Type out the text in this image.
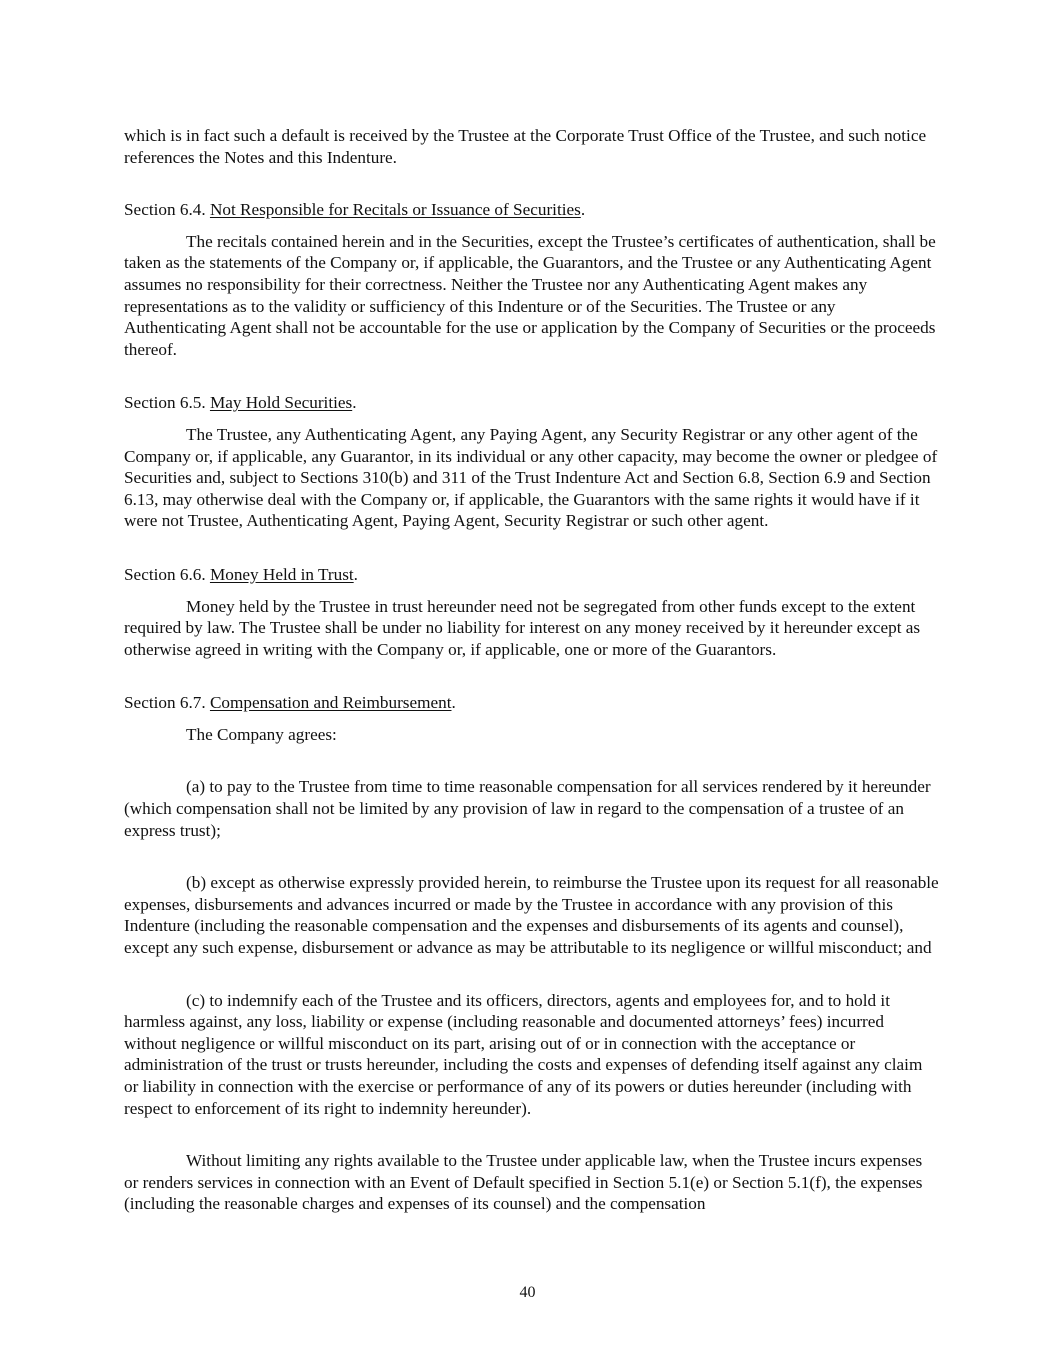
which is in fact such a default is received by the Trustee at the Corporate Trust Office of the Trustee, and such notice references the Notes and this Indenture.

Section 6.4. Not Responsible for Recitals or Issuance of Securities.

The recitals contained herein and in the Securities, except the Trustee’s certificates of authentication, shall be taken as the statements of the Company or, if applicable, the Guarantors, and the Trustee or any Authenticating Agent assumes no responsibility for their correctness. Neither the Trustee nor any Authenticating Agent makes any representations as to the validity or sufficiency of this Indenture or of the Securities. The Trustee or any Authenticating Agent shall not be accountable for the use or application by the Company of Securities or the proceeds thereof.

Section 6.5. May Hold Securities.

The Trustee, any Authenticating Agent, any Paying Agent, any Security Registrar or any other agent of the Company or, if applicable, any Guarantor, in its individual or any other capacity, may become the owner or pledgee of Securities and, subject to Sections 310(b) and 311 of the Trust Indenture Act and Section 6.8, Section 6.9 and Section 6.13, may otherwise deal with the Company or, if applicable, the Guarantors with the same rights it would have if it were not Trustee, Authenticating Agent, Paying Agent, Security Registrar or such other agent.

Section 6.6. Money Held in Trust.

Money held by the Trustee in trust hereunder need not be segregated from other funds except to the extent required by law. The Trustee shall be under no liability for interest on any money received by it hereunder except as otherwise agreed in writing with the Company or, if applicable, one or more of the Guarantors.

Section 6.7. Compensation and Reimbursement.

The Company agrees:

(a) to pay to the Trustee from time to time reasonable compensation for all services rendered by it hereunder (which compensation shall not be limited by any provision of law in regard to the compensation of a trustee of an express trust);

(b) except as otherwise expressly provided herein, to reimburse the Trustee upon its request for all reasonable expenses, disbursements and advances incurred or made by the Trustee in accordance with any provision of this Indenture (including the reasonable compensation and the expenses and disbursements of its agents and counsel), except any such expense, disbursement or advance as may be attributable to its negligence or willful misconduct; and

(c) to indemnify each of the Trustee and its officers, directors, agents and employees for, and to hold it harmless against, any loss, liability or expense (including reasonable and documented attorneys’ fees) incurred without negligence or willful misconduct on its part, arising out of or in connection with the acceptance or administration of the trust or trusts hereunder, including the costs and expenses of defending itself against any claim or liability in connection with the exercise or performance of any of its powers or duties hereunder (including with respect to enforcement of its right to indemnity hereunder).

Without limiting any rights available to the Trustee under applicable law, when the Trustee incurs expenses or renders services in connection with an Event of Default specified in Section 5.1(e) or Section 5.1(f), the expenses (including the reasonable charges and expenses of its counsel) and the compensation

40
